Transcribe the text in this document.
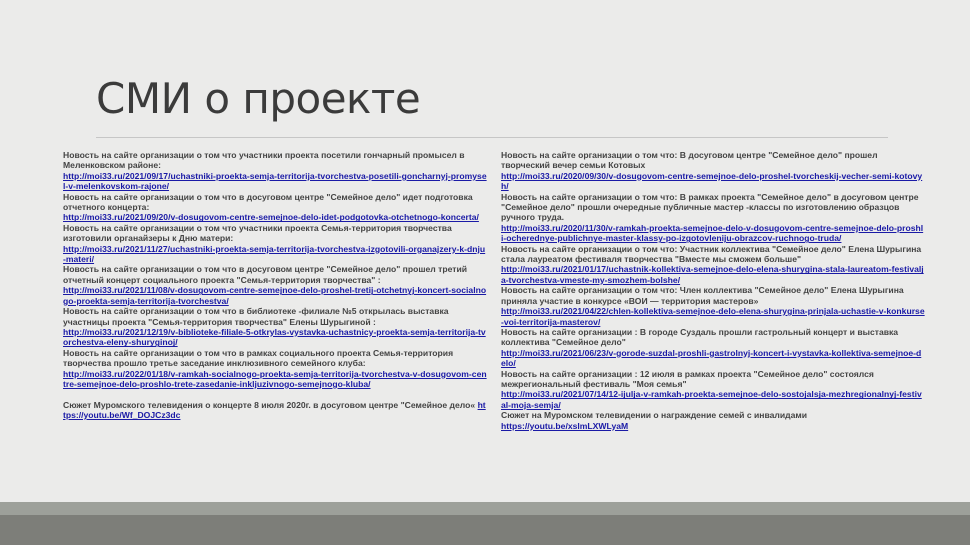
СМИ о проекте

Новость на сайте организации о том что участники проекта посетили гончарный промысел в Меленковском районе:
http://moi33.ru/2021/09/17/uchastniki-proekta-semja-territorija-tvorchestva-posetili-goncharnyj-promysel-v-melenkovskom-rajone/

Новость на сайте организации о том что в досуговом центре "Семейное дело" идет подготовка отчетного концерта:
http://moi33.ru/2021/09/20/v-dosugovom-centre-semejnoe-delo-idet-podgotovka-otchetnogo-koncerta/

Новость на сайте организации о том что участники проекта Семья-территория творчества изготовили органайзеры к Дню матери:
http://moi33.ru/2021/11/27/uchastniki-proekta-semja-territorija-tvorchestva-izgotovili-organajzery-k-dnju-materi/

Новость на сайте организации о том что в досуговом центре "Семейное дело" прошел третий отчетный концерт социального проекта "Семья-территория творчества" :
http://moi33.ru/2021/11/08/v-dosugovom-centre-semejnoe-delo-proshel-tretij-otchetnyj-koncert-socialnogo-proekta-semja-territorija-tvorchestva/

Новость на сайте организации о том что в библиотеке -филиале №5 открылась выставка участницы проекта "Семья-территория творчества" Елены Шурыгиной :
http://moi33.ru/2021/12/19/v-biblioteke-filiale-5-otkrylas-vystavka-uchastnicy-proekta-semja-territorija-tvorchestva-eleny-shuryginoj/

Новость на сайте организации о том что в рамках социального проекта Семья-территория творчества прошло третье заседание инклюзивного семейного клуба:
http://moi33.ru/2022/01/18/v-ramkah-socialnogo-proekta-semja-territorija-tvorchestva-v-dosugovom-centre-semejnoe-delo-proshlo-trete-zasedanie-inkljuzivnogo-semejnogo-kluba/

Сюжет Муромского телевидения о концерте 8 июля 2020г. в досуговом центре "Семейное дело« https://youtu.be/Wf_DOJCz3dc

Новость на сайте организации о том что: В досуговом центре "Семейное дело" прошел творческий вечер семьи Котовых
http://moi33.ru/2020/09/30/v-dosugovom-centre-semejnoe-delo-proshel-tvorcheskij-vecher-semi-kotovyh/

Новость на сайте организации о том что: В рамках проекта "Семейное дело" в досуговом центре "Семейное дело" прошли очередные публичные мастер -классы по изготовлению образцов ручного труда.
http://moi33.ru/2020/11/30/v-ramkah-proekta-semejnoe-delo-v-dosugovom-centre-semejnoe-delo-proshli-ocherednye-publichnye-master-klassy-po-izgotovleniju-obrazcov-ruchnogo-truda/

Новость на сайте организации о том что: Участник коллектива "Семейное дело" Елена Шурыгина стала лауреатом фестиваля творчества "Вместе мы сможем больше"
http://moi33.ru/2021/01/17/uchastnik-kollektiva-semejnoe-delo-elena-shurygina-stala-laureatom-festivalja-tvorchestva-vmeste-my-smozhem-bolshe/

Новость на сайте организации о том что: Член коллектива "Семейное дело" Елена Шурыгина приняла участие в конкурсе «ВОИ — территория мастеров»
http://moi33.ru/2021/04/22/chlen-kollektiva-semejnoe-delo-elena-shurygina-prinjala-uchastie-v-konkurse-voi-territorija-masterov/

Новость на сайте организации : В городе Суздаль прошли гастрольный концерт и выставка коллектива "Семейное дело"
http://moi33.ru/2021/06/23/v-gorode-suzdal-proshli-gastrolnyj-koncert-i-vystavka-kollektiva-semejnoe-delo/

Новость на сайте организации : 12 июля в рамках проекта "Семейное дело" состоялся межрегиональный фестиваль "Моя семья"
http://moi33.ru/2021/07/14/12-ijulja-v-ramkah-proekta-semejnoe-delo-sostojalsja-mezhregionalnyj-festival-moja-semja/

Сюжет на Муромском телевидении о награждение семей с инвалидами
https://youtu.be/xslmLXWLyaM
